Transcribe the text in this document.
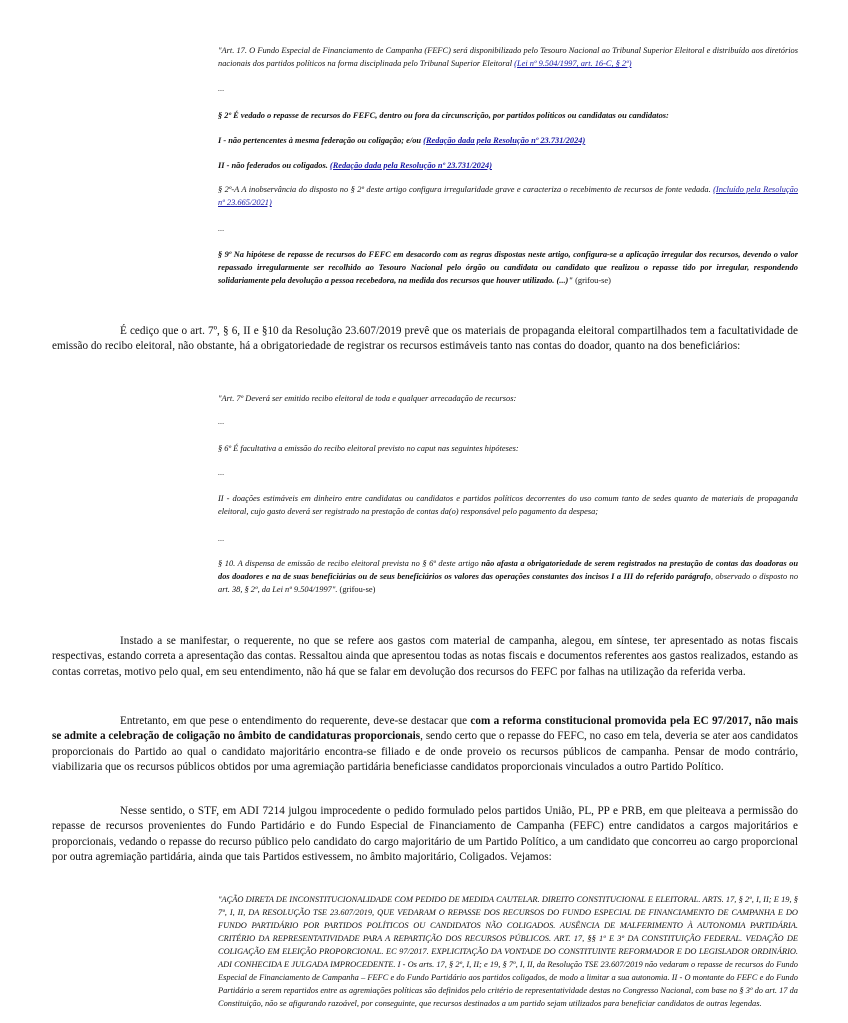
"Art. 17. O Fundo Especial de Financiamento de Campanha (FEFC) será disponibilizado pelo Tesouro Nacional ao Tribunal Superior Eleitoral e distribuído aos diretórios nacionais dos partidos políticos na forma disciplinada pelo Tribunal Superior Eleitoral (Lei nº 9.504/1997, art. 16-C, § 2º)

...

§ 2º É vedado o repasse de recursos do FEFC, dentro ou fora da circunscrição, por partidos políticos ou candidatas ou candidatos:

I - não pertencentes à mesma federação ou coligação; e/ou (Redação dada pela Resolução nº 23.731/2024)

II - não federados ou coligados. (Redação dada pela Resolução nº 23.731/2024)

§ 2º-A A inobservância do disposto no § 2º deste artigo configura irregularidade grave e caracteriza o recebimento de recursos de fonte vedada. (Incluído pela Resolução nº 23.665/2021)

...

§ 9º Na hipótese de repasse de recursos do FEFC em desacordo com as regras dispostas neste artigo, configura-se a aplicação irregular dos recursos, devendo o valor repassado irregularmente ser recolhido ao Tesouro Nacional pelo órgão ou candidata ou candidato que realizou o repasse tido por irregular, respondendo solidariamente pela devolução a pessoa recebedora, na medida dos recursos que houver utilizado. (...)" (grifou-se)

É cediço que o art. 7º, § 6, II e §10 da Resolução 23.607/2019 prevê que os materiais de propaganda eleitoral compartilhados tem a facultatividade de emissão do recibo eleitoral, não obstante, há a obrigatoriedade de registrar os recursos estimáveis tanto nas contas do doador, quanto na dos beneficiários:

"Art. 7º Deverá ser emitido recibo eleitoral de toda e qualquer arrecadação de recursos:

...

§ 6º É facultativa a emissão do recibo eleitoral previsto no caput nas seguintes hipóteses:

...

II - doações estimáveis em dinheiro entre candidatas ou candidatos e partidos políticos decorrentes do uso comum tanto de sedes quanto de materiais de propaganda eleitoral, cujo gasto deverá ser registrado na prestação de contas da(o) responsável pelo pagamento da despesa;

...

§ 10. A dispensa de emissão de recibo eleitoral prevista no § 6º deste artigo não afasta a obrigatoriedade de serem registrados na prestação de contas das doadoras ou dos doadores e na de suas beneficiárias ou de seus beneficiários os valores das operações constantes dos incisos I a III do referido parágrafo, observado o disposto no art. 38, § 2º, da Lei nº 9.504/1997". (grifou-se)

Instado a se manifestar, o requerente, no que se refere aos gastos com material de campanha, alegou, em síntese, ter apresentado as notas fiscais respectivas, estando correta a apresentação das contas. Ressaltou ainda que apresentou todas as notas fiscais e documentos referentes aos gastos realizados, estando as contas corretas, motivo pelo qual, em seu entendimento, não há que se falar em devolução dos recursos do FEFC por falhas na utilização da referida verba.

Entretanto, em que pese o entendimento do requerente, deve-se destacar que com a reforma constitucional promovida pela EC 97/2017, não mais se admite a celebração de coligação no âmbito de candidaturas proporcionais, sendo certo que o repasse do FEFC, no caso em tela, deveria se ater aos candidatos proporcionais do Partido ao qual o candidato majoritário encontra-se filiado e de onde proveio os recursos públicos de campanha. Pensar de modo contrário, viabilizaria que os recursos públicos obtidos por uma agremiação partidária beneficiasse candidatos proporcionais vinculados a outro Partido Político.

Nesse sentido, o STF, em ADI 7214 julgou improcedente o pedido formulado pelos partidos União, PL, PP e PRB, em que pleiteava a permissão do repasse de recursos provenientes do Fundo Partidário e do Fundo Especial de Financiamento de Campanha (FEFC) entre candidatos a cargos majoritários e proporcionais, vedando o repasse do recurso público pelo candidato do cargo majoritário de um Partido Político, a um candidato que concorreu ao cargo proporcional por outra agremiação partidária, ainda que tais Partidos estivessem, no âmbito majoritário, Coligados. Vejamos:

"AÇÃO DIRETA DE INCONSTITUCIONALIDADE COM PEDIDO DE MEDIDA CAUTELAR. DIREITO CONSTITUCIONAL E ELEITORAL. ARTS. 17, § 2º, I, II; E 19, § 7º, I, II, DA RESOLUÇÃO TSE 23.607/2019, QUE VEDARAM O REPASSE DOS RECURSOS DO FUNDO ESPECIAL DE FINANCIAMENTO DE CAMPANHA E DO FUNDO PARTIDÁRIO POR PARTIDOS POLÍTICOS OU CANDIDATOS NÃO COLIGADOS. AUSÊNCIA DE MALFERIMENTO À AUTONOMIA PARTIDÁRIA. CRITÉRIO DA REPRESENTATIVIDADE PARA A REPARTIÇÃO DOS RECURSOS PÚBLICOS. ART. 17, §§ 1º E 3º DA CONSTITUIÇÃO FEDERAL. VEDAÇÃO DE COLIGAÇÃO EM ELEIÇÃO PROPORCIONAL. EC 97/2017. EXPLICITAÇÃO DA VONTADE DO CONSTITUINTE REFORMADOR E DO LEGISLADOR ORDINÁRIO. ADI CONHECIDA E JULGADA IMPROCEDENTE. I - Os arts. 17, § 2º, I, II; e 19, § 7º, I, II, da Resolução TSE 23.607/2019 não vedaram o repasse de recursos do Fundo Especial de Financiamento de Campanha – FEFC e do Fundo Partidário aos partidos coligados, de modo a limitar a sua autonomia. II - O montante do FEFC e do Fundo Partidário a serem repartidos entre as agremiações políticas são definidos pelo critério de representatividade destas no Congresso Nacional, com base no § 3º do art. 17 da Constituição, não se afigurando razoável, por conseguinte, que recursos destinados a um partido sejam utilizados para beneficiar candidatos de outras legendas.
